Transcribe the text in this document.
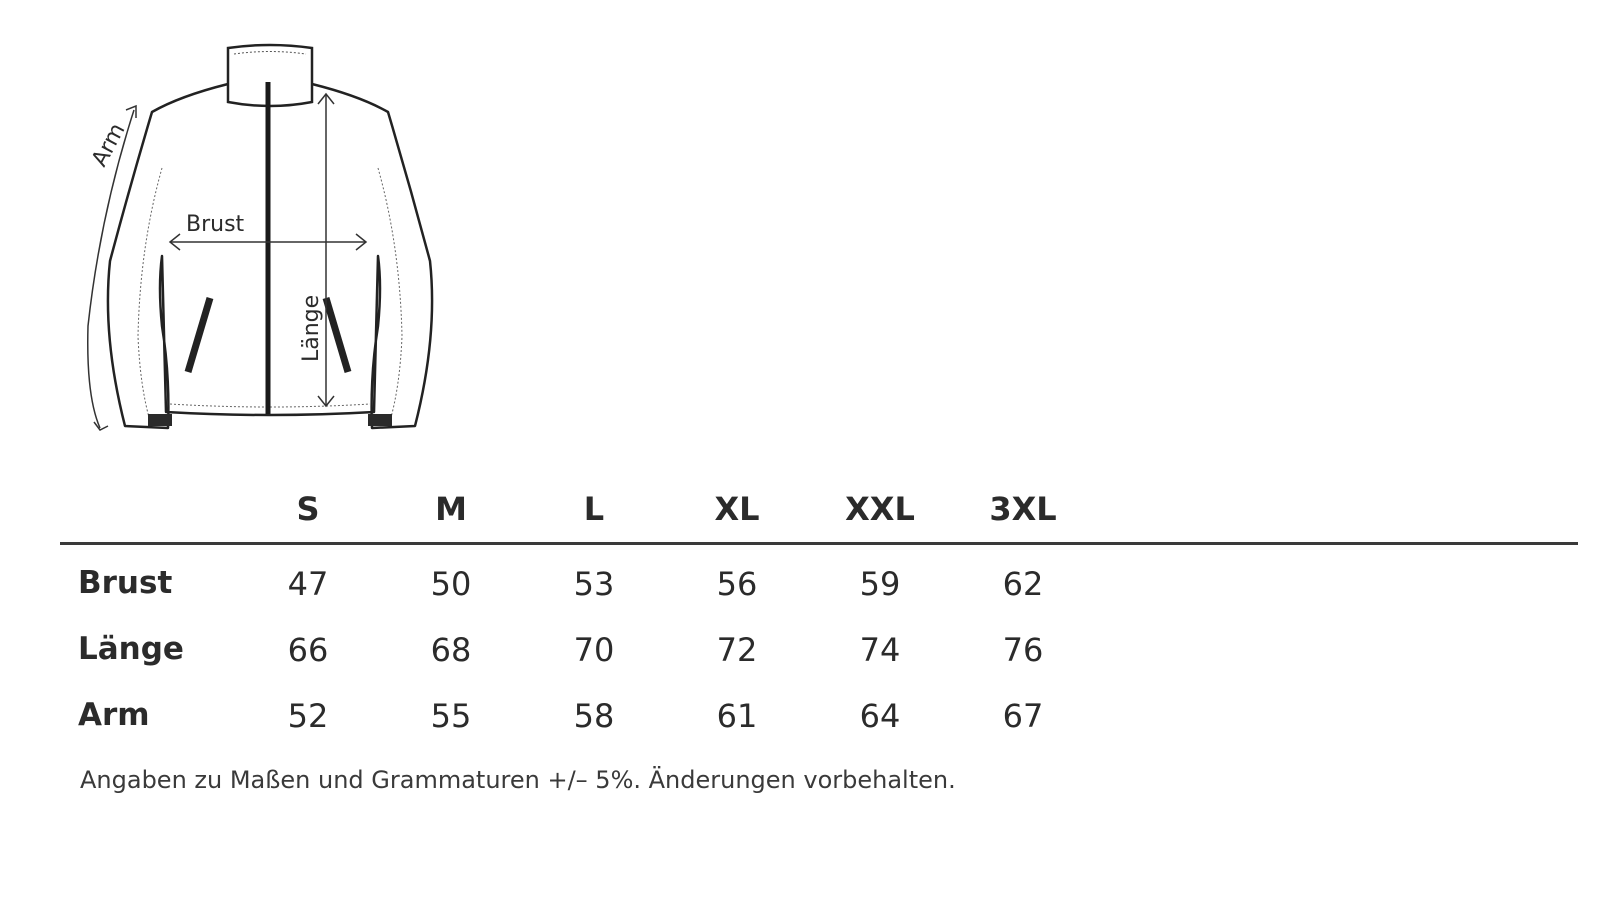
Arm
Brust
Länge
S	M	L	XL	XXL	3XL
Brust	47	50	53	56	59	62
Länge	66	68	70	72	74	76
Arm	52	55	58	61	64	67
Angaben zu Maßen und Grammaturen +/– 5%. Änderungen vorbehalten.
